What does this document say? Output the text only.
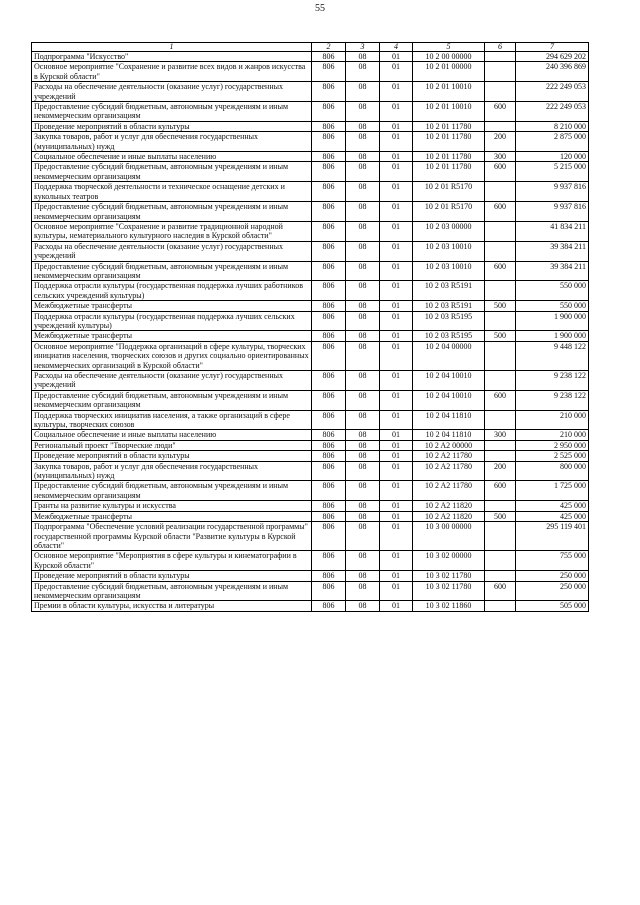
55
1	2	3	4	5	6	7
Подпрограмма "Искусство"	806	08	01	10 2 00 00000		294 629 202
Основное мероприятие "Сохранение и развитие всех видов и жанров искусства в Курской области"	806	08	01	10 2 01 00000		240 396 869
Расходы на обеспечение деятельности (оказание услуг) государственных учреждений	806	08	01	10 2 01 10010		222 249 053
Предоставление субсидий бюджетным, автономным учреждениям и иным некоммерческим организациям	806	08	01	10 2 01 10010	600	222 249 053
Проведение мероприятий в области культуры	806	08	01	10 2 01 11780		8 210 000
Закупка товаров, работ и услуг для обеспечения государственных (муниципальных) нужд	806	08	01	10 2 01 11780	200	2 875 000
Социальное обеспечение и иные выплаты населению	806	08	01	10 2 01 11780	300	120 000
Предоставление субсидий бюджетным, автономным учреждениям и иным некоммерческим организациям	806	08	01	10 2 01 11780	600	5 215 000
Поддержка творческой деятельности и техническое оснащение детских и кукольных театров	806	08	01	10 2 01 R5170		9 937 816
Предоставление субсидий бюджетным, автономным учреждениям и иным некоммерческим организациям	806	08	01	10 2 01 R5170	600	9 937 816
Основное мероприятие "Сохранение и развитие традиционной народной культуры, нематериального культурного наследия в Курской области"	806	08	01	10 2 03 00000		41 834 211
Расходы на обеспечение деятельности (оказание услуг) государственных учреждений	806	08	01	10 2 03 10010		39 384 211
Предоставление субсидий бюджетным, автономным учреждениям и иным некоммерческим организациям	806	08	01	10 2 03 10010	600	39 384 211
Поддержка отрасли культуры (государственная поддержка лучших работников сельских учреждений культуры)	806	08	01	10 2 03 R5191		550 000
Межбюджетные трансферты	806	08	01	10 2 03 R5191	500	550 000
Поддержка отрасли культуры (государственная поддержка лучших сельских учреждений культуры)	806	08	01	10 2 03 R5195		1 900 000
Межбюджетные трансферты	806	08	01	10 2 03 R5195	500	1 900 000
Основное мероприятие "Поддержка организаций в сфере культуры, творческих инициатив населения, творческих союзов и других социально ориентированных некоммерческих организаций в Курской области"	806	08	01	10 2 04 00000		9 448 122
Расходы на обеспечение деятельности (оказание услуг) государственных учреждений	806	08	01	10 2 04 10010		9 238 122
Предоставление субсидий бюджетным, автономным учреждениям и иным некоммерческим организациям	806	08	01	10 2 04 10010	600	9 238 122
Поддержка творческих инициатив населения, а также организаций в сфере культуры, творческих союзов	806	08	01	10 2 04 11810		210 000
Социальное обеспечение и иные выплаты населению	806	08	01	10 2 04 11810	300	210 000
Региональный проект "Творческие люди"	806	08	01	10 2 A2 00000		2 950 000
Проведение мероприятий в области культуры	806	08	01	10 2 A2 11780		2 525 000
Закупка товаров, работ и услуг для обеспечения государственных (муниципальных) нужд	806	08	01	10 2 A2 11780	200	800 000
Предоставление субсидий бюджетным, автономным учреждениям и иным некоммерческим организациям	806	08	01	10 2 A2 11780	600	1 725 000
Гранты на развитие культуры и искусства	806	08	01	10 2 A2 11820		425 000
Межбюджетные трансферты	806	08	01	10 2 A2 11820	500	425 000
Подпрограмма "Обеспечение условий реализации государственной программы" государственной программы Курской области "Развитие культуры в Курской области"	806	08	01	10 3 00 00000		295 119 401
Основное мероприятие "Мероприятия в сфере культуры и кинематографии в Курской области"	806	08	01	10 3 02 00000		755 000
Проведение мероприятий в области культуры	806	08	01	10 3 02 11780		250 000
Предоставление субсидий бюджетным, автономным учреждениям и иным некоммерческим организациям	806	08	01	10 3 02 11780	600	250 000
Премии в области культуры, искусства и литературы	806	08	01	10 3 02 11860		505 000
